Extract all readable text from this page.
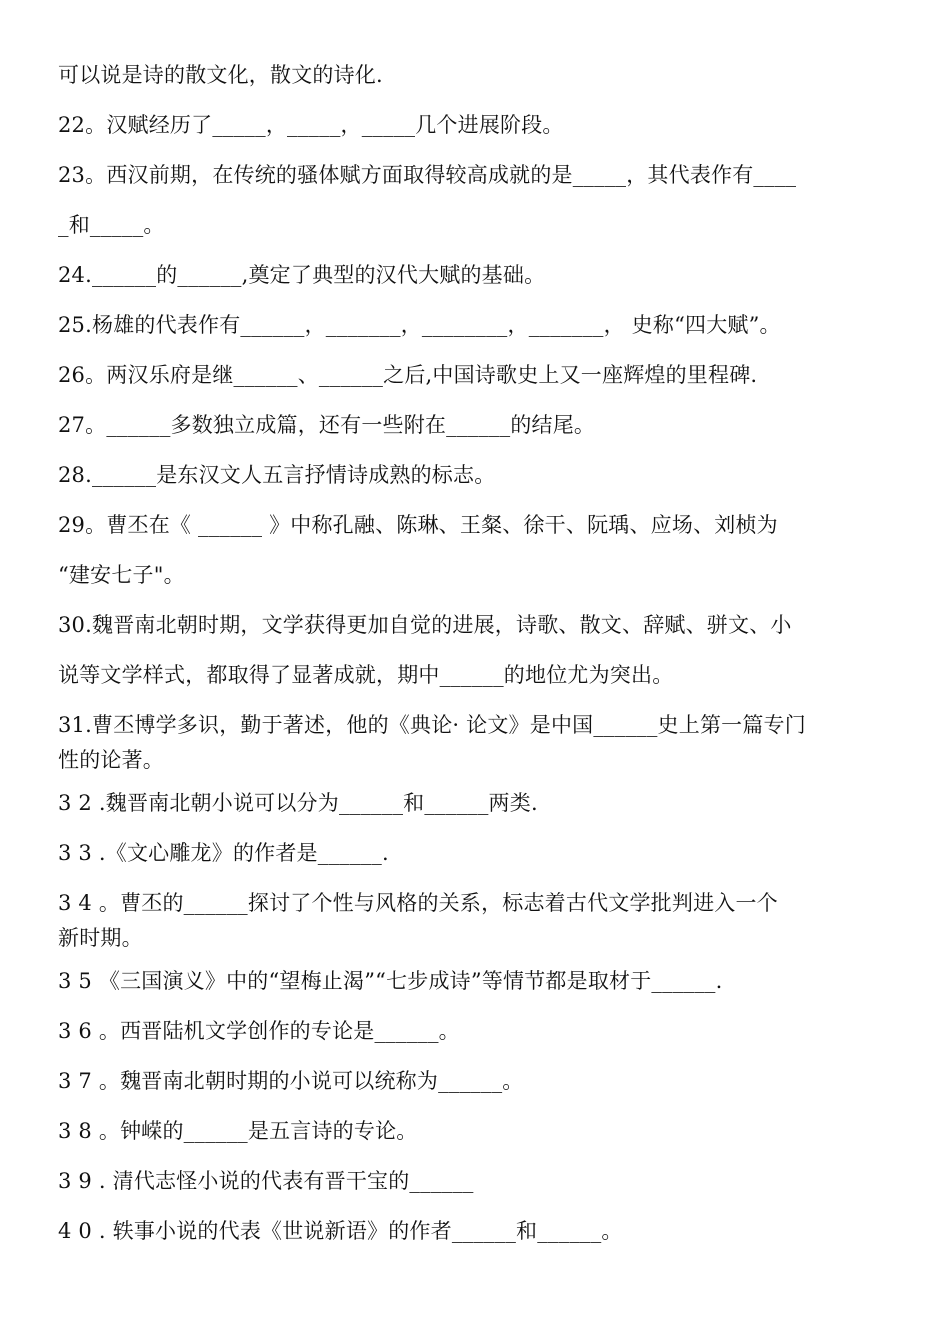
可以说是诗的散文化，散文的诗化.
22。汉赋经历了_____，_____，_____几个进展阶段。
23。西汉前期，在传统的骚体赋方面取得较高成就的是_____，其代表作有____
_和_____。
24.______的______,奠定了典型的汉代大赋的基础。
25.杨雄的代表作有______，_______，________，_______， 史称“四大赋”。
26。两汉乐府是继______、______之后,中国诗歌史上又一座辉煌的里程碑.
27。______多数独立成篇，还有一些附在______的结尾。
28.______是东汉文人五言抒情诗成熟的标志。
29。曹丕在《 ______ 》中称孔融、陈琳、王粲、徐干、阮瑀、应场、刘桢为
“建安七子"。
30.魏晋南北朝时期，文学获得更加自觉的进展，诗歌、散文、辞赋、骈文、小
说等文学样式，都取得了显著成就，期中______的地位尤为突出。
31.曹丕博学多识，勤于著述，他的《典论· 论文》是中国______史上第一篇专门
性的论著。
3 2 .魏晋南北朝小说可以分为______和______两类.
3 3 .《文心雕龙》的作者是______.
3 4 。曹丕的______探讨了个性与风格的关系，标志着古代文学批判进入一个
新时期。
3 5 《三国演义》中的“望梅止渴”“七步成诗”等情节都是取材于______.
3 6 。西晋陆机文学创作的专论是______。
3 7 。魏晋南北朝时期的小说可以统称为______。
3 8 。钟嵘的______是五言诗的专论。
3 9 . 清代志怪小说的代表有晋干宝的______
4 0 . 轶事小说的代表《世说新语》的作者______和______。
